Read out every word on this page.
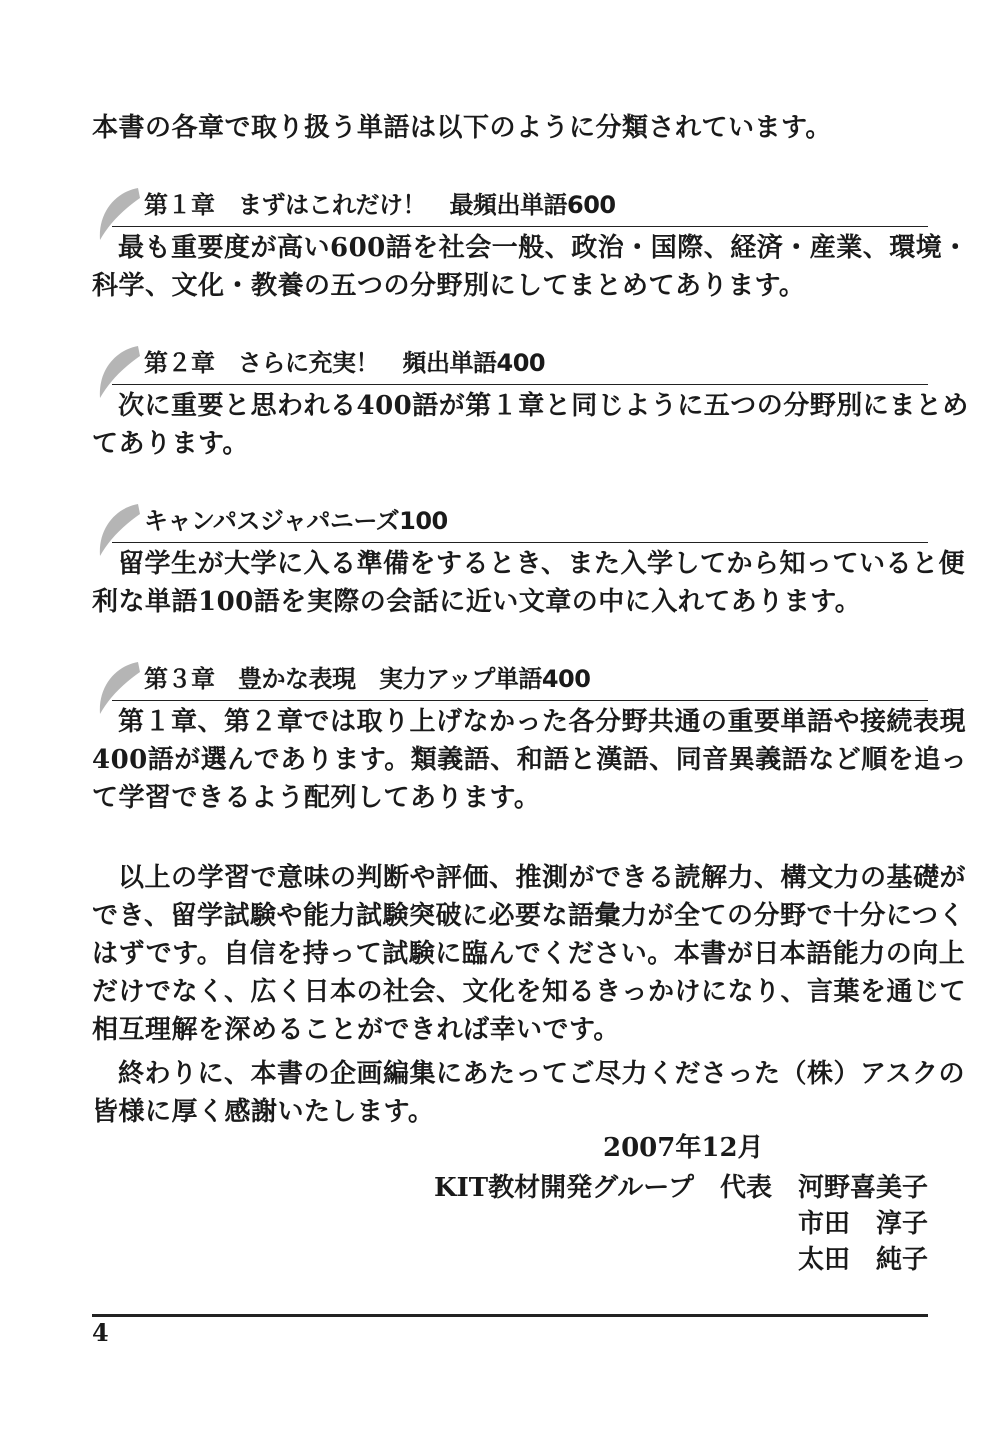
本書の各章で取り扱う単語は以下のように分類されています。
第１章　まずはこれだけ！　最頻出単語600
最も重要度が高い600語を社会一般、政治・国際、経済・産業、環境・
科学、文化・教養の五つの分野別にしてまとめてあります。
第２章　さらに充実！　頻出単語400
次に重要と思われる400語が第１章と同じように五つの分野別にまとめ
てあります。
キャンパスジャパニーズ100
留学生が大学に入る準備をするとき、また入学してから知っていると便
利な単語100語を実際の会話に近い文章の中に入れてあります。
第３章　豊かな表現　実力アップ単語400
第１章、第２章では取り上げなかった各分野共通の重要単語や接続表現
400語が選んであります。類義語、和語と漢語、同音異義語など順を追っ
て学習できるよう配列してあります。
以上の学習で意味の判断や評価、推測ができる読解力、構文力の基礎が
でき、留学試験や能力試験突破に必要な語彙力が全ての分野で十分につく
はずです。自信を持って試験に臨んでください。本書が日本語能力の向上
だけでなく、広く日本の社会、文化を知るきっかけになり、言葉を通じて
相互理解を深めることができれば幸いです。
終わりに、本書の企画編集にあたってご尽力くださった（株）アスクの
皆様に厚く感謝いたします。
2007年12月
KIT教材開発グループ　代表　河野喜美子
市田　淳子
太田　純子
4
